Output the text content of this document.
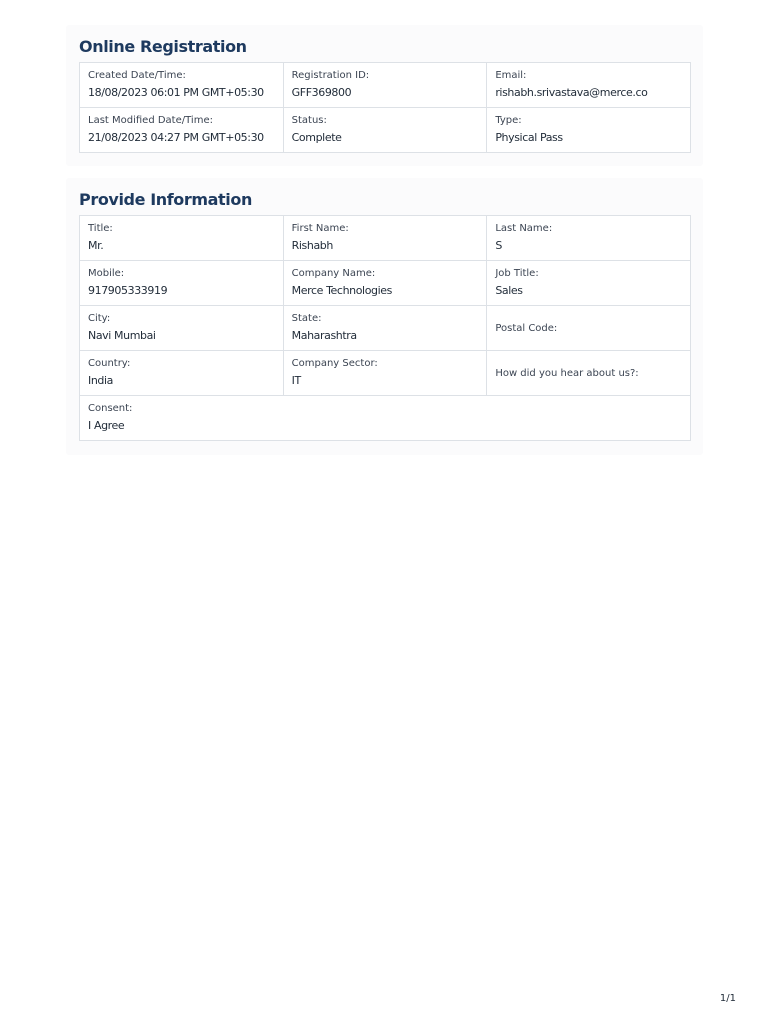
Online Registration
Created Date/Time:
18/08/2023 06:01 PM GMT+05:30	Registration ID:
GFF369800	Email:
rishabh.srivastava@merce.co

Last Modified Date/Time:
21/08/2023 04:27 PM GMT+05:30	Status:
Complete	Type:
Physical Pass
Provide Information
Title:
Mr.	First Name:
Rishabh	Last Name:
S

Mobile:
917905333919	Company Name:
Merce Technologies	Job Title:
Sales

City:
Navi Mumbai	State:
Maharashtra	Postal Code:

Country:
India	Company Sector:
IT	How did you hear about us?:

Consent:
I Agree		
1/1
